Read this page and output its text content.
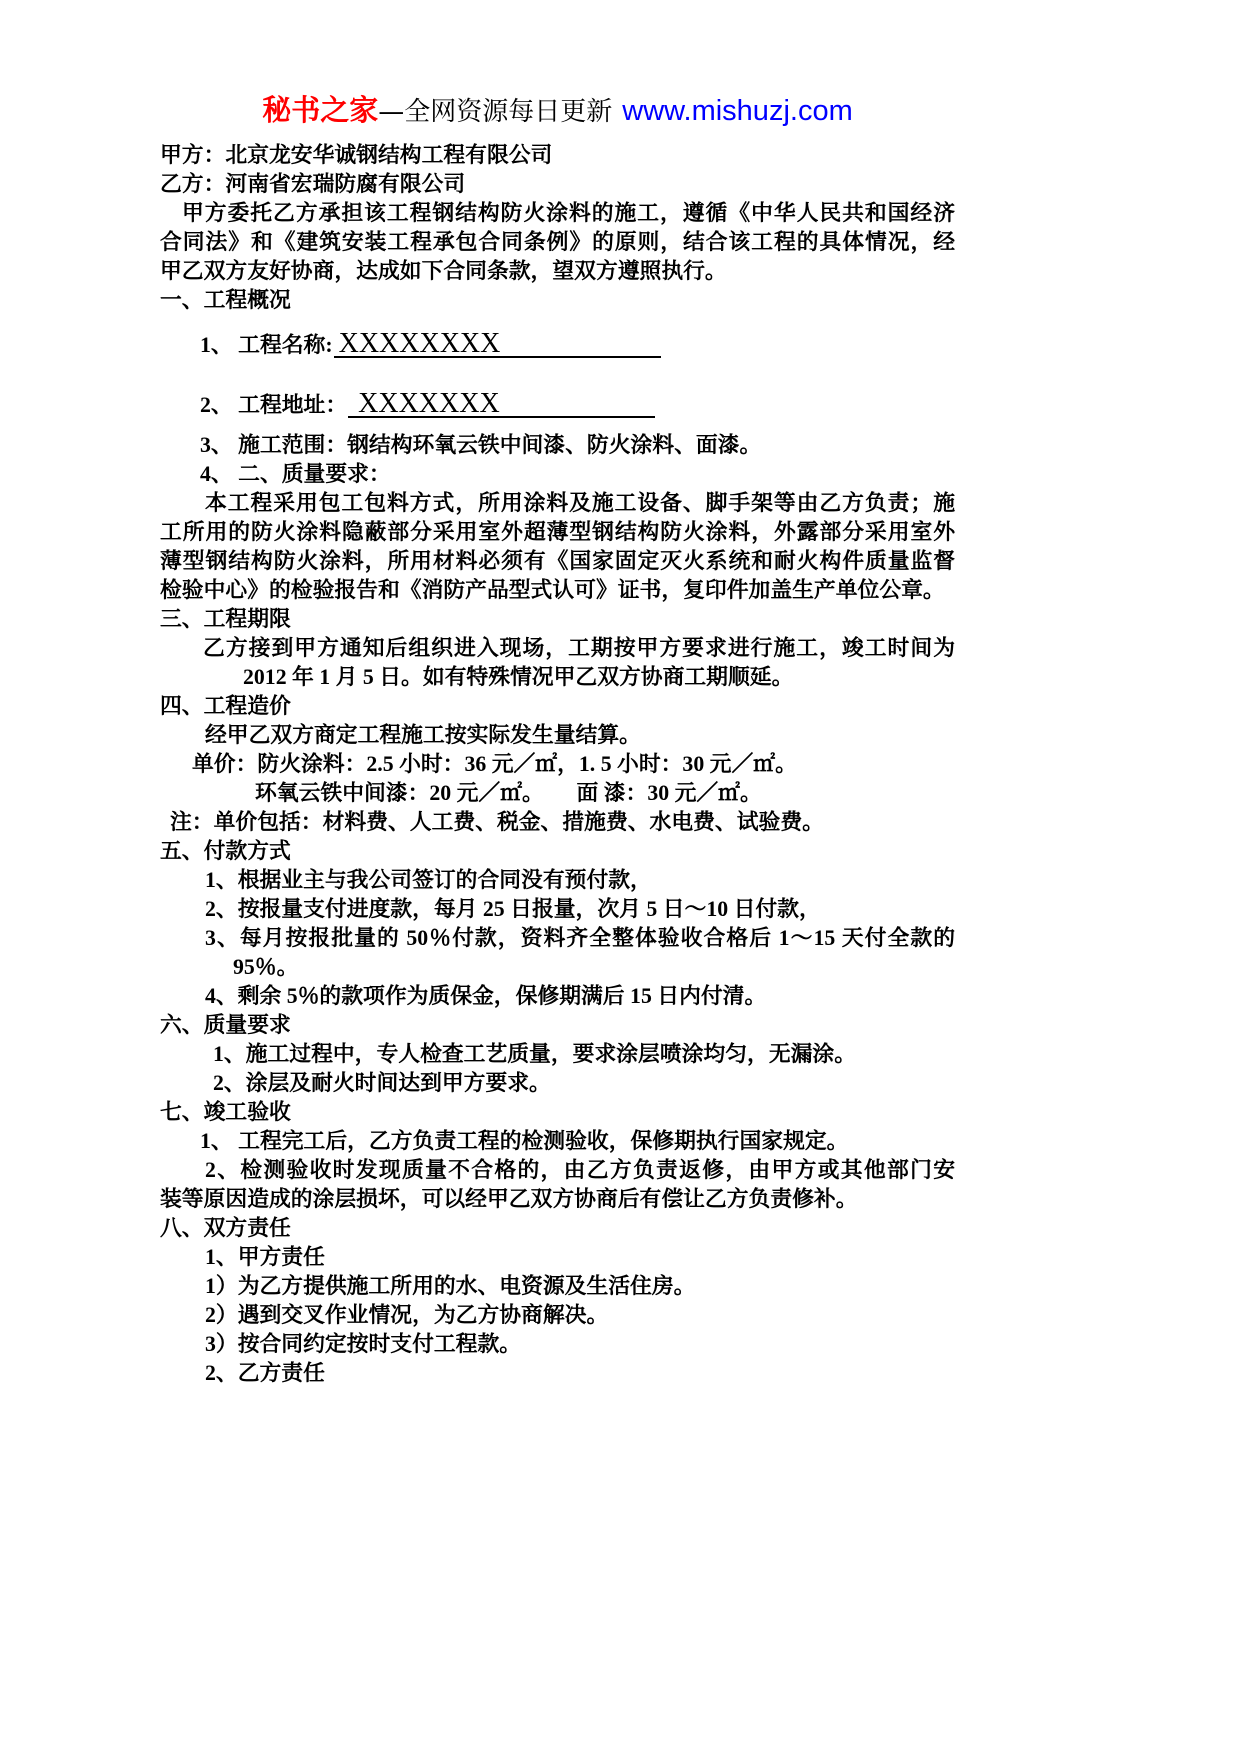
秘书之家—全网资源每日更新 www.mishuzj.com
甲方：北京龙安华诚钢结构工程有限公司
乙方：河南省宏瑞防腐有限公司
甲方委托乙方承担该工程钢结构防火涂料的施工，遵循《中华人民共和国经济
合同法》和《建筑安装工程承包合同条例》的原则，结合该工程的具体情况，经
甲乙双方友好协商，达成如下合同条款，望双方遵照执行。
一、工程概况
1、 工程名称: XXXXXXXX
2、 工程地址： XXXXXXX
3、 施工范围：钢结构环氧云铁中间漆、防火涂料、面漆。
4、 二、质量要求：
本工程采用包工包料方式，所用涂料及施工设备、脚手架等由乙方负责；施
工所用的防火涂料隐蔽部分采用室外超薄型钢结构防火涂料，外露部分采用室外
薄型钢结构防火涂料，所用材料必须有《国家固定灭火系统和耐火构件质量监督
检验中心》的检验报告和《消防产品型式认可》证书，复印件加盖生产单位公章。
三、工程期限
乙方接到甲方通知后组织进入现场，工期按甲方要求进行施工，竣工时间为
2012 年 1 月 5 日。如有特殊情况甲乙双方协商工期顺延。
四、工程造价
经甲乙双方商定工程施工按实际发生量结算。
单价：防火涂料：2.5 小时：36 元／㎡，1. 5 小时：30 元／㎡。
环氧云铁中间漆：20 元／㎡。　　面 漆：30 元／㎡。
注：单价包括：材料费、人工费、税金、措施费、水电费、试验费。
五、付款方式
1、根据业主与我公司签订的合同没有预付款，
2、按报量支付进度款，每月 25 日报量，次月 5 日～10 日付款，
3、每月按报批量的 50％付款，资料齐全整体验收合格后 1～15 天付全款的
95％。
4、剩余 5％的款项作为质保金，保修期满后 15 日内付清。
六、质量要求
1、施工过程中，专人检查工艺质量，要求涂层喷涂均匀，无漏涂。
2、涂层及耐火时间达到甲方要求。
七、竣工验收
1、 工程完工后，乙方负责工程的检测验收，保修期执行国家规定。
2、检测验收时发现质量不合格的，由乙方负责返修，由甲方或其他部门安
装等原因造成的涂层损坏，可以经甲乙双方协商后有偿让乙方负责修补。
八、双方责任
1、甲方责任
1）为乙方提供施工所用的水、电资源及生活住房。
2）遇到交叉作业情况，为乙方协商解决。
3）按合同约定按时支付工程款。
2、乙方责任
